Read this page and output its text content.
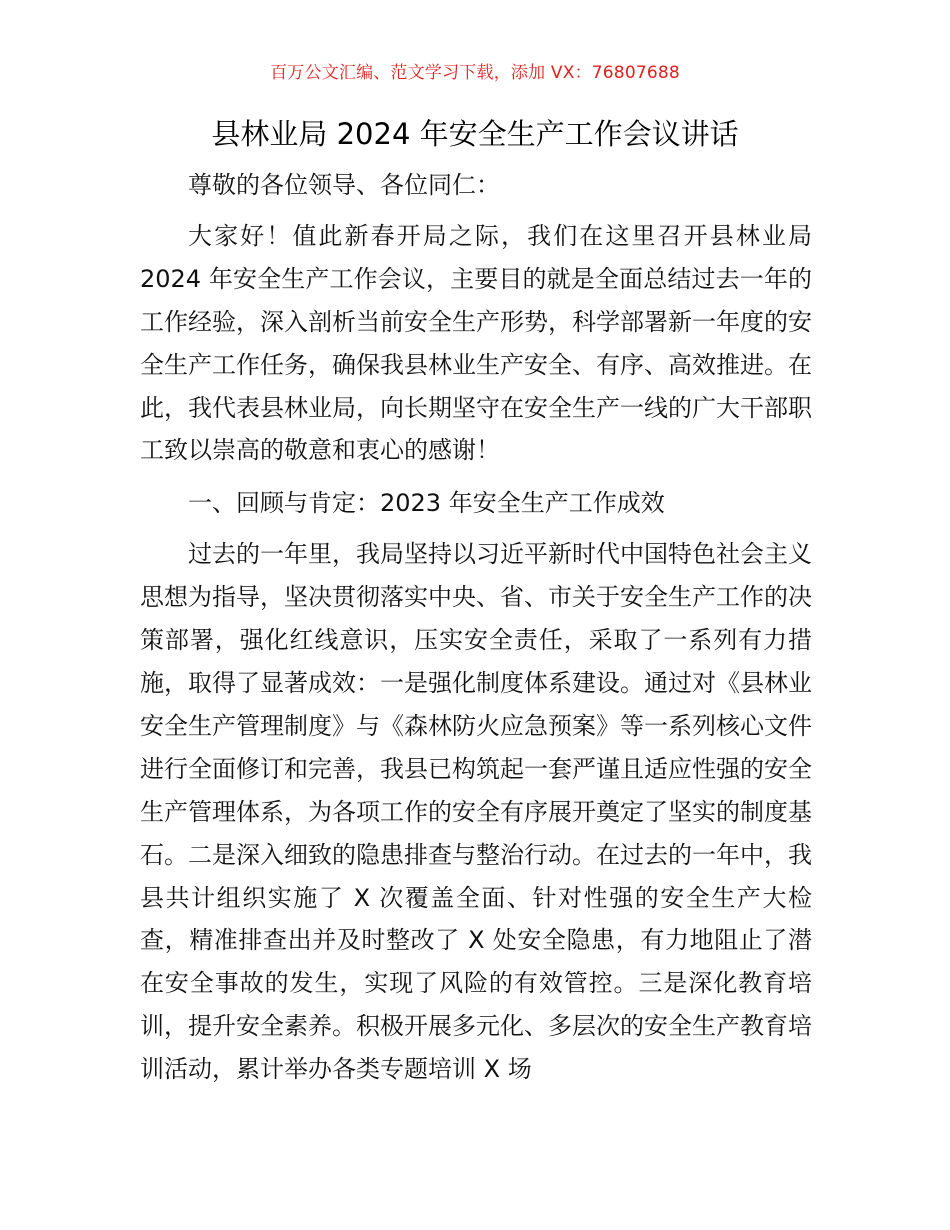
百万公文汇编、范文学习下载，添加 VX：76807688
县林业局 2024 年安全生产工作会议讲话

尊敬的各位领导、各位同仁：

大家好！值此新春开局之际，我们在这里召开县林业局 2024 年安全生产工作会议，主要目的就是全面总结过去一年的工作经验，深入剖析当前安全生产形势，科学部署新一年度的安全生产工作任务，确保我县林业生产安全、有序、高效推进。在此，我代表县林业局，向长期坚守在安全生产一线的广大干部职工致以崇高的敬意和衷心的感谢！

一、回顾与肯定：2023 年安全生产工作成效

过去的一年里，我局坚持以习近平新时代中国特色社会主义思想为指导，坚决贯彻落实中央、省、市关于安全生产工作的决策部署，强化红线意识，压实安全责任，采取了一系列有力措施，取得了显著成效：一是强化制度体系建设。通过对《县林业安全生产管理制度》与《森林防火应急预案》等一系列核心文件进行全面修订和完善，我县已构筑起一套严谨且适应性强的安全生产管理体系，为各项工作的安全有序展开奠定了坚实的制度基石。二是深入细致的隐患排查与整治行动。在过去的一年中，我县共计组织实施了 X 次覆盖全面、针对性强的安全生产大检查，精准排查出并及时整改了 X 处安全隐患，有力地阻止了潜在安全事故的发生，实现了风险的有效管控。三是深化教育培训，提升安全素养。积极开展多元化、多层次的安全生产教育培训活动，累计举办各类专题培训 X 场
